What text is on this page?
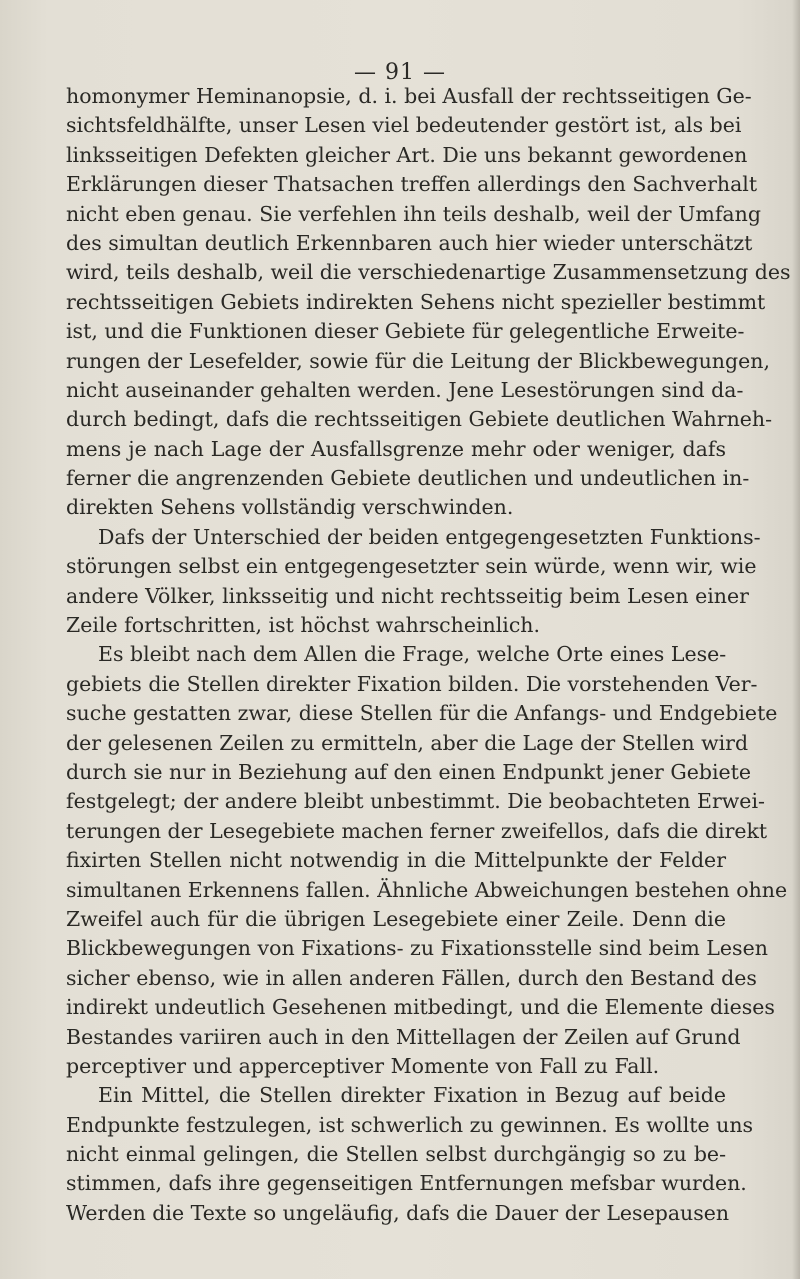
— 91 —
homonymer Heminanopsie, d. i. bei Ausfall der rechtsseitigen Ge-
sichtsfeldhälfte, unser Lesen viel bedeutender gestört ist, als bei
linksseitigen Defekten gleicher Art. Die uns bekannt gewordenen
Erklärungen dieser Thatsachen treffen allerdings den Sachverhalt
nicht eben genau. Sie verfehlen ihn teils deshalb, weil der Umfang
des simultan deutlich Erkennbaren auch hier wieder unterschätzt
wird, teils deshalb, weil die verschiedenartige Zusammensetzung des
rechtsseitigen Gebiets indirekten Sehens nicht spezieller bestimmt
ist, und die Funktionen dieser Gebiete für gelegentliche Erweite-
rungen der Lesefelder, sowie für die Leitung der Blickbewegungen,
nicht auseinander gehalten werden. Jene Lesestörungen sind da-
durch bedingt, dafs die rechtsseitigen Gebiete deutlichen Wahrneh-
mens je nach Lage der Ausfallsgrenze mehr oder weniger, dafs
ferner die angrenzenden Gebiete deutlichen und undeutlichen in-
direkten Sehens vollständig verschwinden.
Dafs der Unterschied der beiden entgegengesetzten Funktions-
störungen selbst ein entgegengesetzter sein würde, wenn wir, wie
andere Völker, linksseitig und nicht rechtsseitig beim Lesen einer
Zeile fortschritten, ist höchst wahrscheinlich.
Es bleibt nach dem Allen die Frage, welche Orte eines Lese-
gebiets die Stellen direkter Fixation bilden. Die vorstehenden Ver-
suche gestatten zwar, diese Stellen für die Anfangs- und Endgebiete
der gelesenen Zeilen zu ermitteln, aber die Lage der Stellen wird
durch sie nur in Beziehung auf den einen Endpunkt jener Gebiete
festgelegt; der andere bleibt unbestimmt. Die beobachteten Erwei-
terungen der Lesegebiete machen ferner zweifellos, dafs die direkt
fixirten Stellen nicht notwendig in die Mittelpunkte der Felder
simultanen Erkennens fallen. Ähnliche Abweichungen bestehen ohne
Zweifel auch für die übrigen Lesegebiete einer Zeile. Denn die
Blickbewegungen von Fixations- zu Fixationsstelle sind beim Lesen
sicher ebenso, wie in allen anderen Fällen, durch den Bestand des
indirekt undeutlich Gesehenen mitbedingt, und die Elemente dieses
Bestandes variiren auch in den Mittellagen der Zeilen auf Grund
perceptiver und apperceptiver Momente von Fall zu Fall.
Ein Mittel, die Stellen direkter Fixation in Bezug auf beide
Endpunkte festzulegen, ist schwerlich zu gewinnen. Es wollte uns
nicht einmal gelingen, die Stellen selbst durchgängig so zu be-
stimmen, dafs ihre gegenseitigen Entfernungen mefsbar wurden.
Werden die Texte so ungeläufig, dafs die Dauer der Lesepausen
